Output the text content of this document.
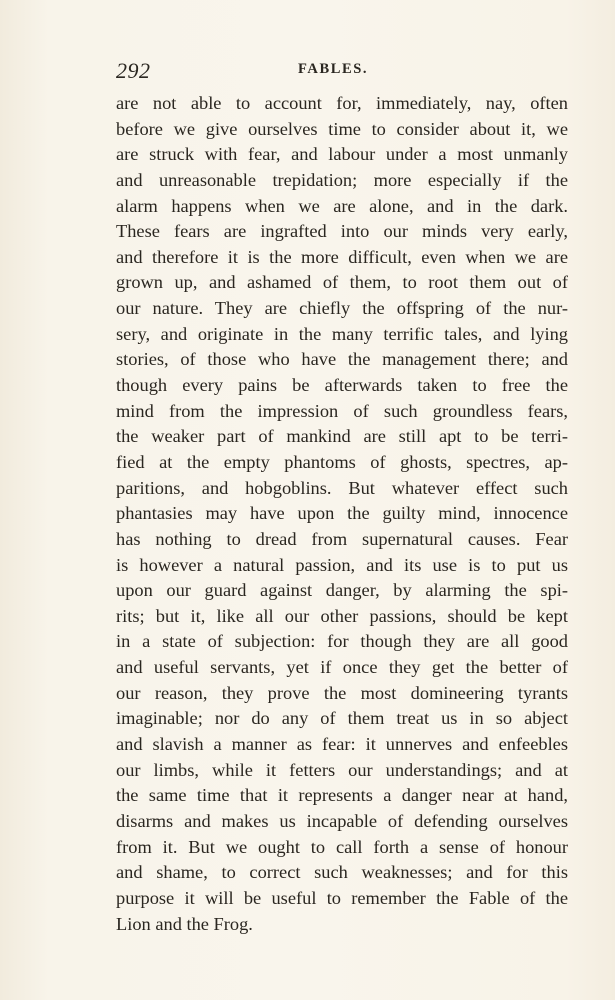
292	FABLES.
are not able to account for, immediately, nay, often
before we give ourselves time to consider about it, we
are struck with fear, and labour under a most unmanly
and unreasonable trepidation; more especially if the
alarm happens when we are alone, and in the dark.
These fears are ingrafted into our minds very early,
and therefore it is the more difficult, even when we are
grown up, and ashamed of them, to root them out of
our nature. They are chiefly the offspring of the nur-
sery, and originate in the many terrific tales, and lying
stories, of those who have the management there; and
though every pains be afterwards taken to free the
mind from the impression of such groundless fears,
the weaker part of mankind are still apt to be terri-
fied at the empty phantoms of ghosts, spectres, ap-
paritions, and hobgoblins. But whatever effect such
phantasies may have upon the guilty mind, innocence
has nothing to dread from supernatural causes. Fear
is however a natural passion, and its use is to put us
upon our guard against danger, by alarming the spi-
rits; but it, like all our other passions, should be kept
in a state of subjection: for though they are all good
and useful servants, yet if once they get the better of
our reason, they prove the most domineering tyrants
imaginable; nor do any of them treat us in so abject
and slavish a manner as fear: it unnerves and enfeebles
our limbs, while it fetters our understandings; and at
the same time that it represents a danger near at hand,
disarms and makes us incapable of defending ourselves
from it. But we ought to call forth a sense of honour
and shame, to correct such weaknesses; and for this
purpose it will be useful to remember the Fable of the
Lion and the Frog.
